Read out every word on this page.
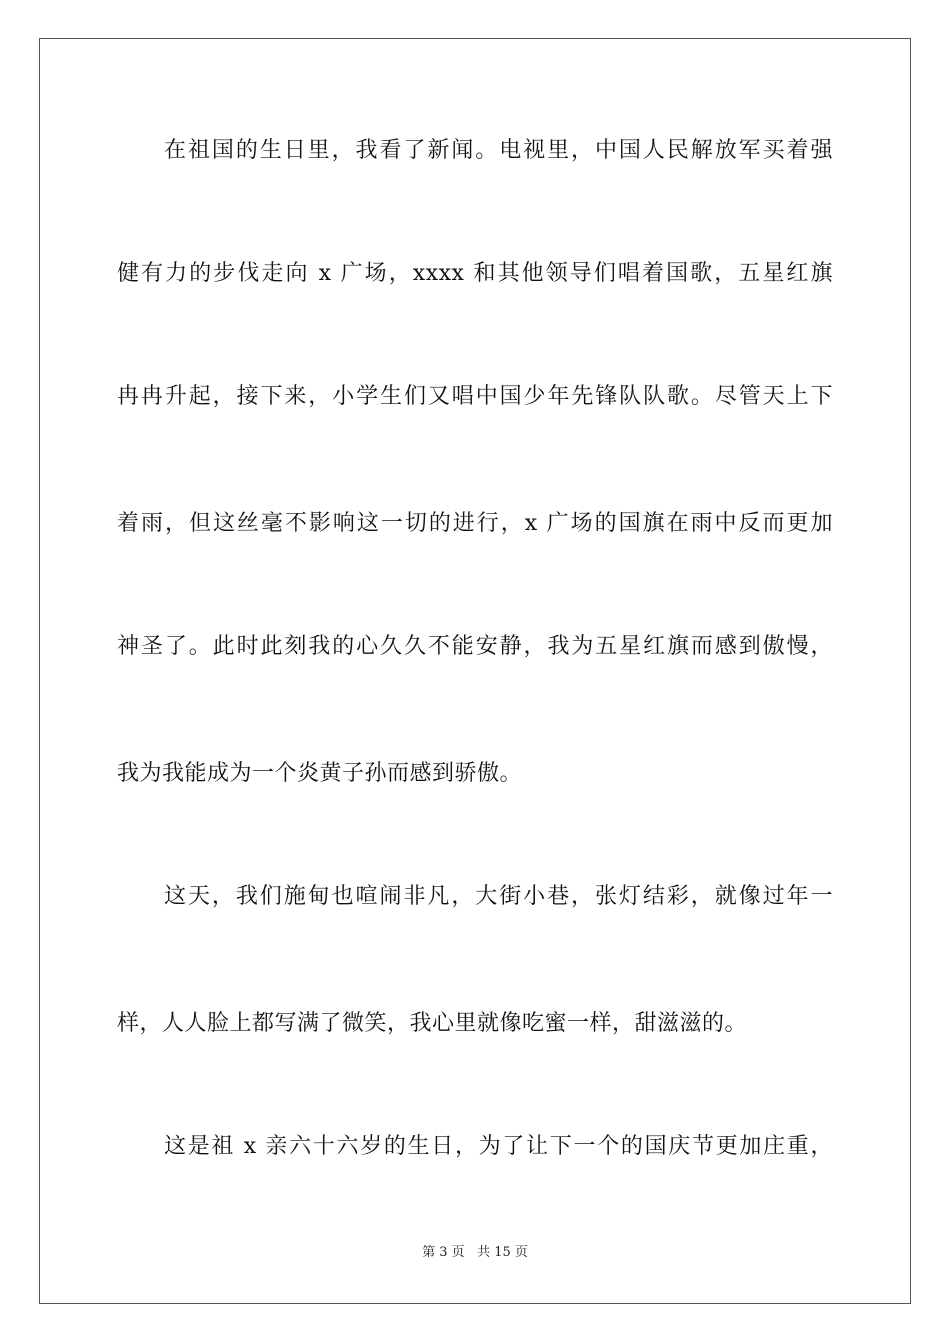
在祖国的生日里，我看了新闻。电视里，中国人民解放军买着强
健有力的步伐走向 x 广场，xxxx 和其他领导们唱着国歌，五星红旗
冉冉升起，接下来，小学生们又唱中国少年先锋队队歌。尽管天上下
着雨，但这丝毫不影响这一切的进行，x 广场的国旗在雨中反而更加
神圣了。此时此刻我的心久久不能安静，我为五星红旗而感到傲慢，
我为我能成为一个炎黄子孙而感到骄傲。
这天，我们施甸也喧闹非凡，大街小巷，张灯结彩，就像过年一
样，人人脸上都写满了微笑，我心里就像吃蜜一样，甜滋滋的。
这是祖 x 亲六十六岁的生日，为了让下一个的国庆节更加庄重，
第 3 页 共 15 页
